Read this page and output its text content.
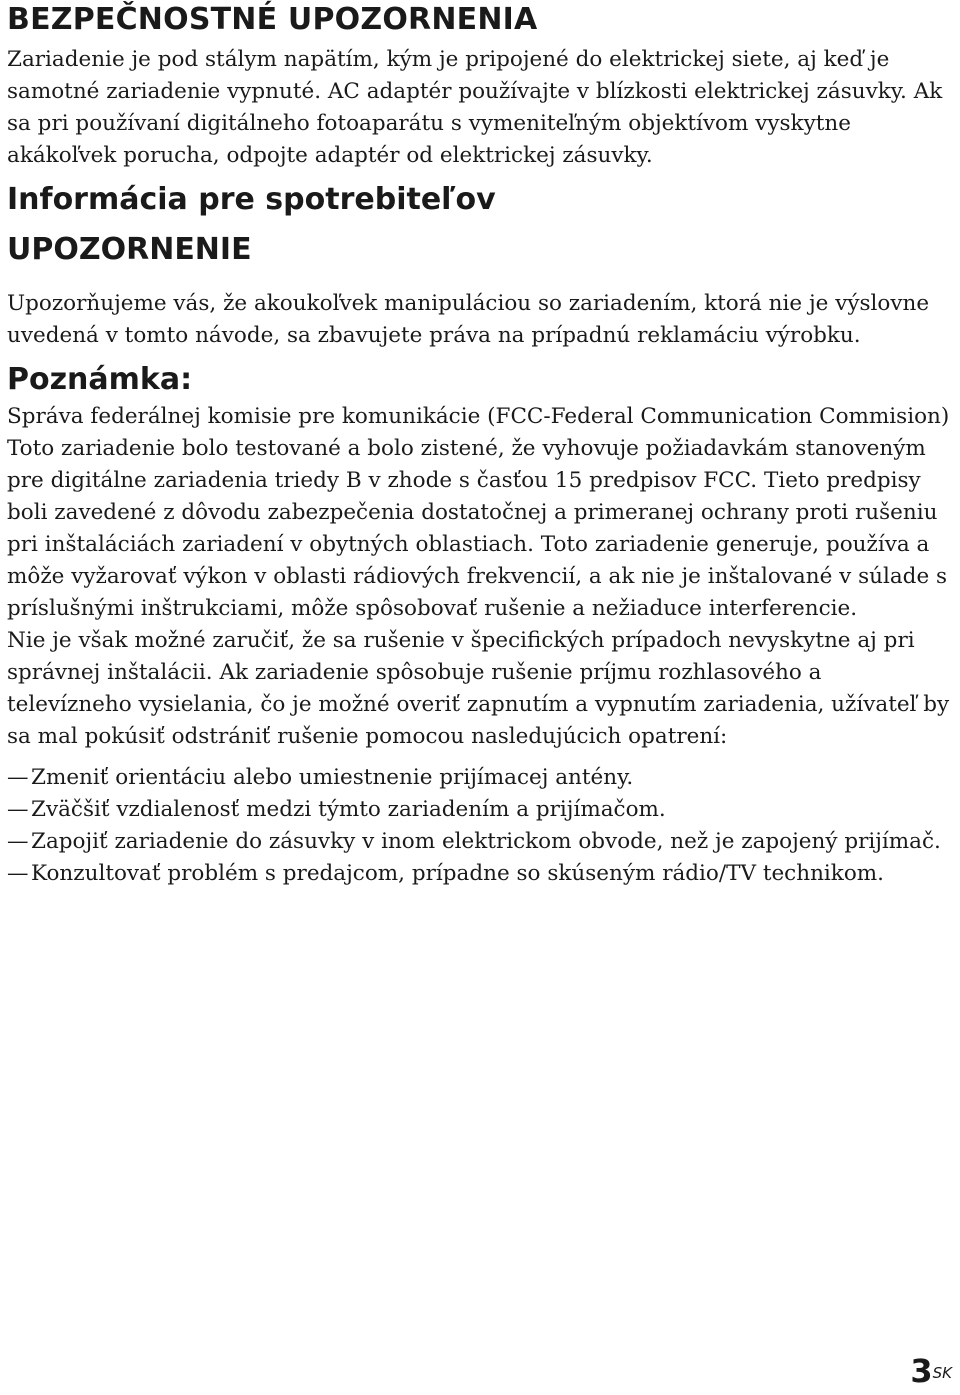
BEZPEČNOSTNÉ UPOZORNENIA

Zariadenie je pod stálym napätím, kým je pripojené do elektrickej siete, aj keď je samotné zariadenie vypnuté. AC adaptér používajte v blízkosti elektrickej zásuvky. Ak sa pri používaní digitálneho fotoaparátu s vymeniteľným objektívom vyskytne akákoľvek porucha, odpojte adaptér od elektrickej zásuvky.

Informácia pre spotrebiteľov
UPOZORNENIE

Upozorňujeme vás, že akoukoľvek manipuláciou so zariadením, ktorá nie je výslovne uvedená v tomto návode, sa zbavujete práva na prípadnú reklamáciu výrobku.

Poznámka:

Správa federálnej komisie pre komunikácie (FCC-Federal Communication Commision) Toto zariadenie bolo testované a bolo zistené, že vyhovuje požiadavkám stanoveným pre digitálne zariadenia triedy B v zhode s časťou 15 predpisov FCC. Tieto predpisy boli zavedené z dôvodu zabezpečenia dostatočnej a primeranej ochrany proti rušeniu pri inštaláciách zariadení v obytných oblastiach. Toto zariadenie generuje, používa a môže vyžarovať výkon v oblasti rádiových frekvencií, a ak nie je inštalované v súlade s príslušnými inštrukciami, môže spôsobovať rušenie a nežiaduce interferencie.

Nie je však možné zaručiť, že sa rušenie v špecifických prípadoch nevyskytne aj pri správnej inštalácii. Ak zariadenie spôsobuje rušenie príjmu rozhlasového a televízneho vysielania, čo je možné overiť zapnutím a vypnutím zariadenia, užívateľ by sa mal pokúsiť odstrániť rušenie pomocou nasledujúcich opatrení:

— Zmeniť orientáciu alebo umiestnenie prijímacej antény.
— Zväčšiť vzdialenosť medzi týmto zariadením a prijímačom.
— Zapojiť zariadenie do zásuvky v inom elektrickom obvode, než je zapojený prijímač.
— Konzultovať problém s predajcom, prípadne so skúseným rádio/TV technikom.
$3^{SK}$
